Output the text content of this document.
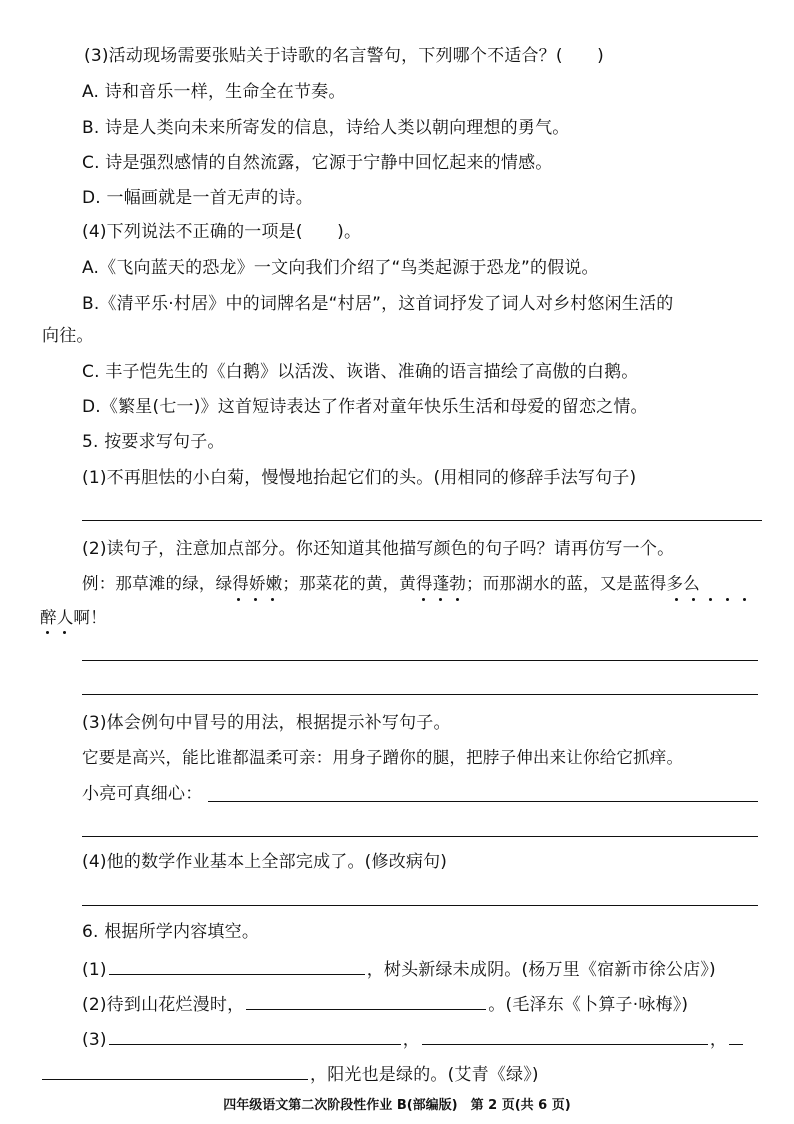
(3)活动现场需要张贴关于诗歌的名言警句，下列哪个不适合？(　　)
A. 诗和音乐一样，生命全在节奏。
B. 诗是人类向未来所寄发的信息，诗给人类以朝向理想的勇气。
C. 诗是强烈感情的自然流露，它源于宁静中回忆起来的情感。
D. 一幅画就是一首无声的诗。
(4)下列说法不正确的一项是(　　)。
A.《飞向蓝天的恐龙》一文向我们介绍了“鸟类起源于恐龙”的假说。
B.《清平乐·村居》中的词牌名是“村居”，这首词抒发了词人对乡村悠闲生活的
向往。
C. 丰子恺先生的《白鹅》以活泼、诙谐、准确的语言描绘了高傲的白鹅。
D.《繁星(七一)》这首短诗表达了作者对童年快乐生活和母爱的留恋之情。
5. 按要求写句子。
(1)不再胆怯的小白菊，慢慢地抬起它们的头。(用相同的修辞手法写句子)
(2)读句子，注意加点部分。你还知道其他描写颜色的句子吗？请再仿写一个。
例：那草滩的绿，绿得娇嫩；那菜花的黄，黄得蓬勃；而那湖水的蓝，又是蓝得多么
醉人啊！
(3)体会例句中冒号的用法，根据提示补写句子。
它要是高兴，能比谁都温柔可亲：用身子蹭你的腿，把脖子伸出来让你给它抓痒。
小亮可真细心：
(4)他的数学作业基本上全部完成了。(修改病句)
6. 根据所学内容填空。
(1)	，树头新绿未成阴。(杨万里《宿新市徐公店》)
(2)待到山花烂漫时，	。(毛泽东《卜算子·咏梅》)
(3)	，	，
，阳光也是绿的。(艾青《绿》)
四年级语文第二次阶段性作业 B(部编版)　第 2 页(共 6 页)
